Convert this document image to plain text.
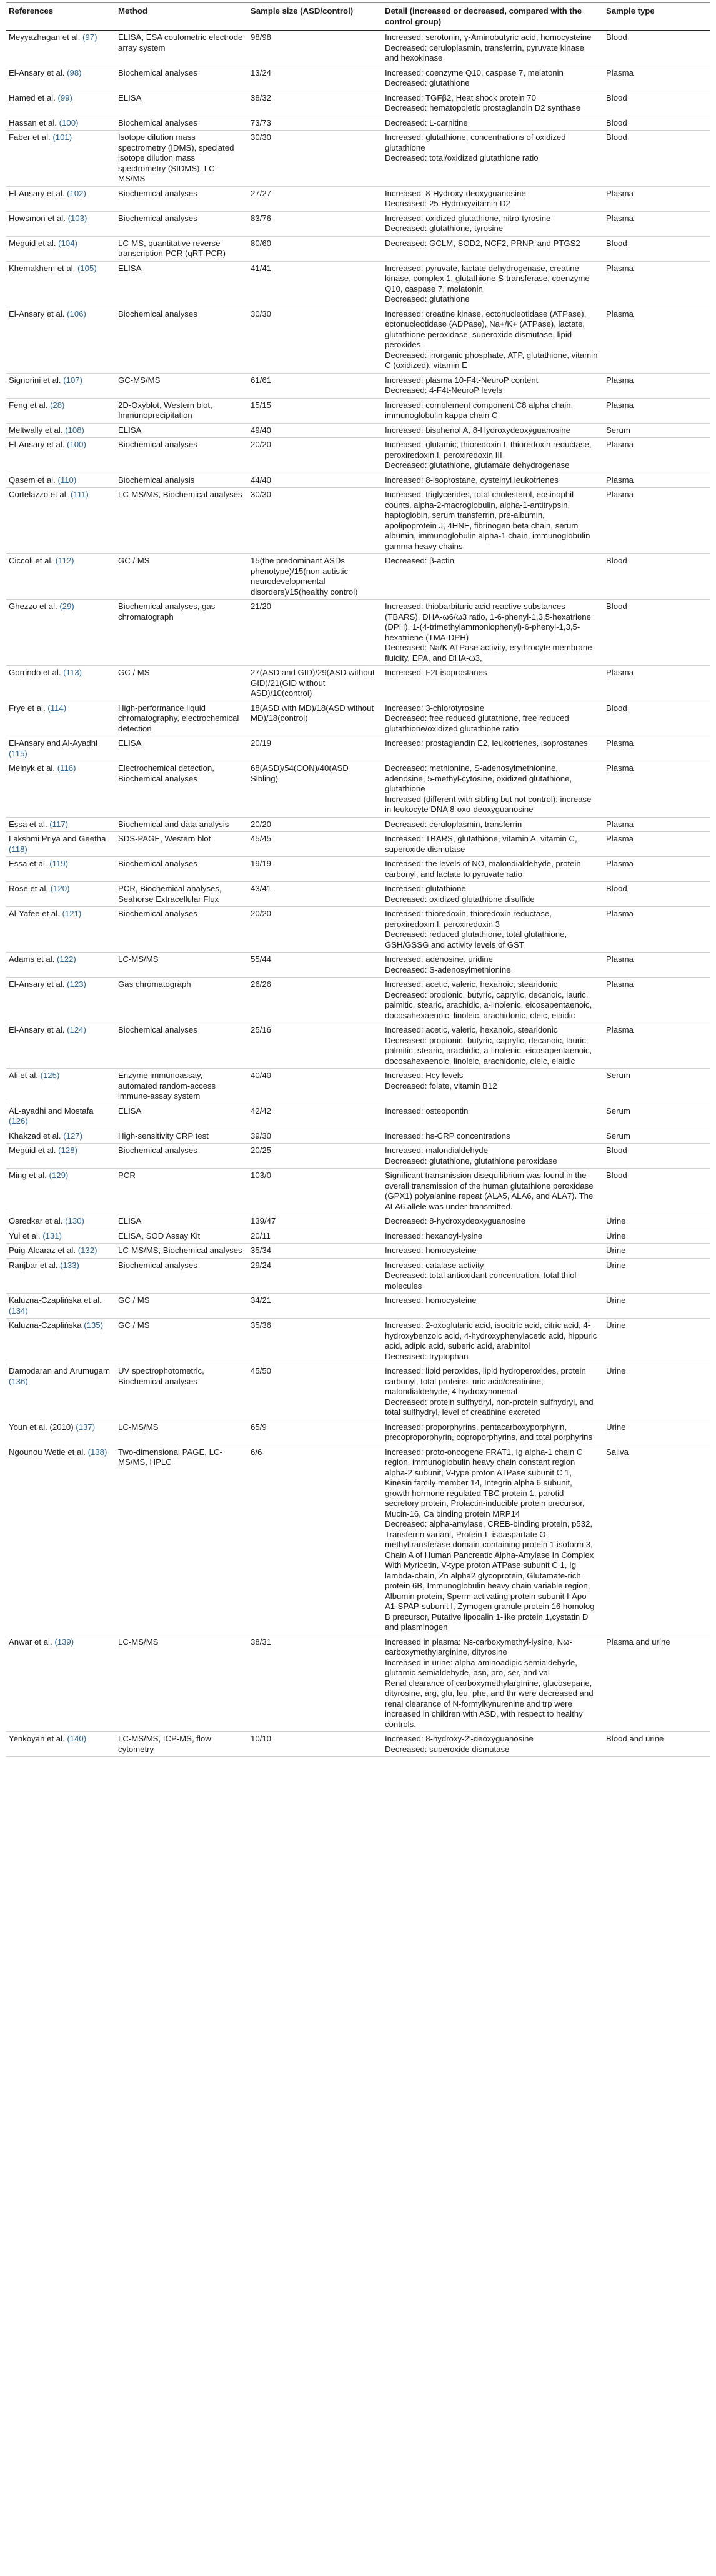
References	Method	Sample size (ASD/control)	Detail (increased or decreased, compared with the control group)	Sample type
Meyyazhagan et al. (97)	ELISA, ESA coulometric electrode array system	98/98	Increased: serotonin, γ-Aminobutyric acid, homocysteine
Decreased: ceruloplasmin, transferrin, pyruvate kinase and hexokinase	Blood
El-Ansary et al. (98)	Biochemical analyses	13/24	Increased: coenzyme Q10, caspase 7, melatonin
Decreased: glutathione	Plasma
Hamed et al. (99)	ELISA	38/32	Increased: TGFβ2, Heat shock protein 70
Decreased: hematopoietic prostaglandin D2 synthase	Blood
Hassan et al. (100)	Biochemical analyses	73/73	Decreased: L-carnitine	Blood
Faber et al. (101)	Isotope dilution mass spectrometry (IDMS), speciated isotope dilution mass spectrometry (SIDMS), LC-MS/MS	30/30	Increased: glutathione, concentrations of oxidized glutathione
Decreased: total/oxidized glutathione ratio	Blood
El-Ansary et al. (102)	Biochemical analyses	27/27	Increased: 8-Hydroxy-deoxyguanosine
Decreased: 25-Hydroxyvitamin D2	Plasma
Howsmon et al. (103)	Biochemical analyses	83/76	Increased: oxidized glutathione, nitro-tyrosine
Decreased: glutathione, tyrosine	Plasma
Meguid et al. (104)	LC-MS, quantitative reverse-transcription PCR (qRT-PCR)	80/60	Decreased: GCLM, SOD2, NCF2, PRNP, and PTGS2	Blood
Khemakhem et al. (105)	ELISA	41/41	Increased: pyruvate, lactate dehydrogenase, creatine kinase, complex 1, glutathione S-transferase, coenzyme Q10, caspase 7, melatonin
Decreased: glutathione	Plasma
El-Ansary et al. (106)	Biochemical analyses	30/30	Increased: creatine kinase, ectonucleotidase (ATPase), ectonucleotidase (ADPase), Na+/K+ (ATPase), lactate, glutathione peroxidase, superoxide dismutase, lipid peroxides
Decreased: inorganic phosphate, ATP, glutathione, vitamin C (oxidized), vitamin E	Plasma
Signorini et al. (107)	GC-MS/MS	61/61	Increased: plasma 10-F4t-NeuroP content
Decreased: 4-F4t-NeuroP levels	Plasma
Feng et al. (28)	2D-Oxyblot, Western blot, Immunoprecipitation	15/15	Increased: complement component C8 alpha chain, immunoglobulin kappa chain C	Plasma
Meltwally et al. (108)	ELISA	49/40	Increased: bisphenol A, 8-Hydroxydeoxyguanosine	Serum
El-Ansary et al. (100)	Biochemical analyses	20/20	Increased: glutamic, thioredoxin I, thioredoxin reductase, peroxiredoxin I, peroxiredoxin III
Decreased: glutathione, glutamate dehydrogenase	Plasma
Qasem et al. (110)	Biochemical analysis	44/40	Increased: 8-isoprostane, cysteinyl leukotrienes	Plasma
Cortelazzo et al. (111)	LC-MS/MS, Biochemical analyses	30/30	Increased: triglycerides, total cholesterol, eosinophil counts, alpha-2-macroglobulin, alpha-1-antitrypsin, haptoglobin, serum transferrin, pre-albumin, apolipoprotein J, 4HNE, fibrinogen beta chain, serum albumin, immunoglobulin alpha-1 chain, immunoglobulin gamma heavy chains	Plasma
Ciccoli et al. (112)	GC / MS	15(the predominant ASDs phenotype)/15(non-autistic neurodevelopmental disorders)/15(healthy control)	Decreased: β-actin	Blood
Ghezzo et al. (29)	Biochemical analyses, gas chromatograph	21/20	Increased: thiobarbituric acid reactive substances (TBARS), DHA-ω6/ω3 ratio, 1-6-phenyl-1,3,5-hexatriene (DPH), 1-(4-trimethylammoniophenyl)-6-phenyl-1,3,5-hexatriene (TMA-DPH)
Decreased: Na/K ATPase activity, erythrocyte membrane fluidity, EPA, and DHA-ω3,	Blood
Gorrindo et al. (113)	GC / MS	27(ASD and GID)/29(ASD without GID)/21(GID without ASD)/10(control)	Increased: F2t-isoprostanes	Plasma
Frye et al. (114)	High-performance liquid chromatography, electrochemical detection	18(ASD with MD)/18(ASD without MD)/18(control)	Increased: 3-chlorotyrosine
Decreased: free reduced glutathione, free reduced glutathione/oxidized glutathione ratio	Blood
El-Ansary and Al-Ayadhi (115)	ELISA	20/19	Increased: prostaglandin E2, leukotrienes, isoprostanes	Plasma
Melnyk et al. (116)	Electrochemical detection, Biochemical analyses	68(ASD)/54(CON)/40(ASD Sibling)	Decreased: methionine, S-adenosylmethionine, adenosine, 5-methyl-cytosine, oxidized glutathione, glutathione
Increased (different with sibling but not control): increase in leukocyte DNA 8-oxo-deoxyguanosine	Plasma
Essa et al. (117)	Biochemical and data analysis	20/20	Decreased: ceruloplasmin, transferrin	Plasma
Lakshmi Priya and Geetha (118)	SDS-PAGE, Western blot	45/45	Increased: TBARS, glutathione, vitamin A, vitamin C, superoxide dismutase	Plasma
Essa et al. (119)	Biochemical analyses	19/19	Increased: the levels of NO, malondialdehyde, protein carbonyl, and lactate to pyruvate ratio	Plasma
Rose et al. (120)	PCR, Biochemical analyses, Seahorse Extracellular Flux	43/41	Increased: glutathione
Decreased: oxidized glutathione disulfide	Blood
Al-Yafee et al. (121)	Biochemical analyses	20/20	Increased: thioredoxin, thioredoxin reductase, peroxiredoxin I, peroxiredoxin 3
Decreased: reduced glutathione, total glutathione, GSH/GSSG and activity levels of GST	Plasma
Adams et al. (122)	LC-MS/MS	55/44	Increased: adenosine, uridine
Decreased: S-adenosylmethionine	Plasma
El-Ansary et al. (123)	Gas chromatograph	26/26	Increased: acetic, valeric, hexanoic, stearidonic
Decreased: propionic, butyric, caprylic, decanoic, lauric, palmitic, stearic, arachidic, a-linolenic, eicosapentaenoic, docosahexaenoic, linoleic, arachidonic, oleic, elaidic	Plasma
El-Ansary et al. (124)	Biochemical analyses	25/16	Increased: acetic, valeric, hexanoic, stearidonic
Decreased: propionic, butyric, caprylic, decanoic, lauric, palmitic, stearic, arachidic, a-linolenic, eicosapentaenoic, docosahexaenoic, linoleic, arachidonic, oleic, elaidic	Plasma
Ali et al. (125)	Enzyme immunoassay, automated random-access immune-assay system	40/40	Increased: Hcy levels
Decreased: folate, vitamin B12	Serum
AL-ayadhi and Mostafa (126)	ELISA	42/42	Increased: osteopontin	Serum
Khakzad et al. (127)	High-sensitivity CRP test	39/30	Increased: hs-CRP concentrations	Serum
Meguid et al. (128)	Biochemical analyses	20/25	Increased: malondialdehyde
Decreased: glutathione, glutathione peroxidase	Blood
Ming et al. (129)	PCR	103/0	Significant transmission disequilibrium was found in the overall transmission of the human glutathione peroxidase (GPX1) polyalanine repeat (ALA5, ALA6, and ALA7). The ALA6 allele was under-transmitted.	Blood
Osredkar et al. (130)	ELISA	139/47	Decreased: 8-hydroxydeoxyguanosine	Urine
Yui et al. (131)	ELISA, SOD Assay Kit	20/11	Increased: hexanoyl-lysine	Urine
Puig-Alcaraz et al. (132)	LC-MS/MS, Biochemical analyses	35/34	Increased: homocysteine	Urine
Ranjbar et al. (133)	Biochemical analyses	29/24	Increased: catalase activity
Decreased: total antioxidant concentration, total thiol molecules	Urine
Kaluzna-Czaplińska et al. (134)	GC / MS	34/21	Increased: homocysteine	Urine
Kaluzna-Czaplińska (135)	GC / MS	35/36	Increased: 2-oxoglutaric acid, isocitric acid, citric acid, 4-hydroxybenzoic acid, 4-hydroxyphenylacetic acid, hippuric acid, adipic acid, suberic acid, arabinitol
Decreased: tryptophan	Urine
Damodaran and Arumugam (136)	UV spectrophotometric, Biochemical analyses	45/50	Increased: lipid peroxides, lipid hydroperoxides, protein carbonyl, total proteins, uric acid/creatinine, malondialdehyde, 4-hydroxynonenal
Decreased: protein sulfhydryl, non-protein sulfhydryl, and total sulfhydryl, level of creatinine excreted	Urine
Youn et al. (2010) (137)	LC-MS/MS	65/9	Increased: proporphyrins, pentacarboxyporphyrin, precoproporphyrin, coproporphyrins, and total porphyrins	Urine
Ngounou Wetie et al. (138)	Two-dimensional PAGE, LC-MS/MS, HPLC	6/6	Increased: proto-oncogene FRAT1, Ig alpha-1 chain C region, immunoglobulin heavy chain constant region alpha-2 subunit, V-type proton ATPase subunit C 1, Kinesin family member 14, Integrin alpha 6 subunit, growth hormone regulated TBC protein 1, parotid secretory protein, Prolactin-inducible protein precursor, Mucin-16, Ca binding protein MRP14
Decreased: alpha-amylase, CREB-binding protein, p532, Transferrin variant, Protein-L-isoaspartate O-methyltransferase domain-containing protein 1 isoform 3, Chain A of Human Pancreatic Alpha-Amylase In Complex With Myricetin, V-type proton ATPase subunit C 1, Ig lambda-chain, Zn alpha2 glycoprotein, Glutamate-rich protein 6B, Immunoglobulin heavy chain variable region, Albumin protein, Sperm activating protein subunit I-Apo A1-SPAP-subunit I, Zymogen granule protein 16 homolog B precursor, Putative lipocalin 1-like protein 1,cystatin D and plasminogen	Saliva
Anwar et al. (139)	LC-MS/MS	38/31	Increased in plasma: Nε-carboxymethyl-lysine, Nω-carboxymethylarginine, dityrosine
Increased in urine: alpha-aminoadipic semialdehyde, glutamic semialdehyde, asn, pro, ser, and val
Renal clearance of carboxymethylarginine, glucosepane, dityrosine, arg, glu, leu, phe, and thr were decreased and renal clearance of N-formylkynurenine and trp were increased in children with ASD, with respect to healthy controls.	Plasma and urine
Yenkoyan et al. (140)	LC-MS/MS, ICP-MS, flow cytometry	10/10	Increased: 8-hydroxy-2'-deoxyguanosine
Decreased: superoxide dismutase	Blood and urine
